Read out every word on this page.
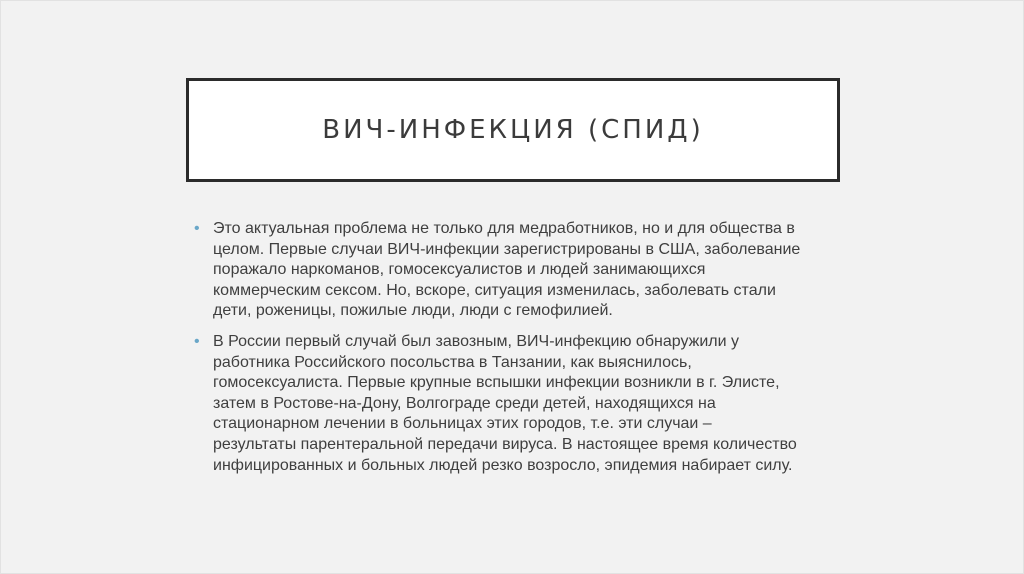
ВИЧ-ИНФЕКЦИЯ (СПИД)
• Это актуальная проблема не только для медработников, но и для общества в
целом. Первые случаи ВИЧ-инфекции зарегистрированы в США, заболевание
поражало наркоманов, гомосексуалистов и людей занимающихся
коммерческим сексом. Но, вскоре, ситуация изменилась, заболевать стали
дети, роженицы, пожилые люди, люди с гемофилией.
• В России первый случай был завозным, ВИЧ-инфекцию обнаружили у
работника Российского посольства в Танзании, как выяснилось,
гомосексуалиста. Первые крупные вспышки инфекции возникли в г. Элисте,
затем в Ростове-на-Дону, Волгограде среди детей, находящихся на
стационарном лечении в больницах этих городов, т.е. эти случаи –
результаты парентеральной передачи вируса. В настоящее время количество
инфицированных и больных людей резко возросло, эпидемия набирает силу.
